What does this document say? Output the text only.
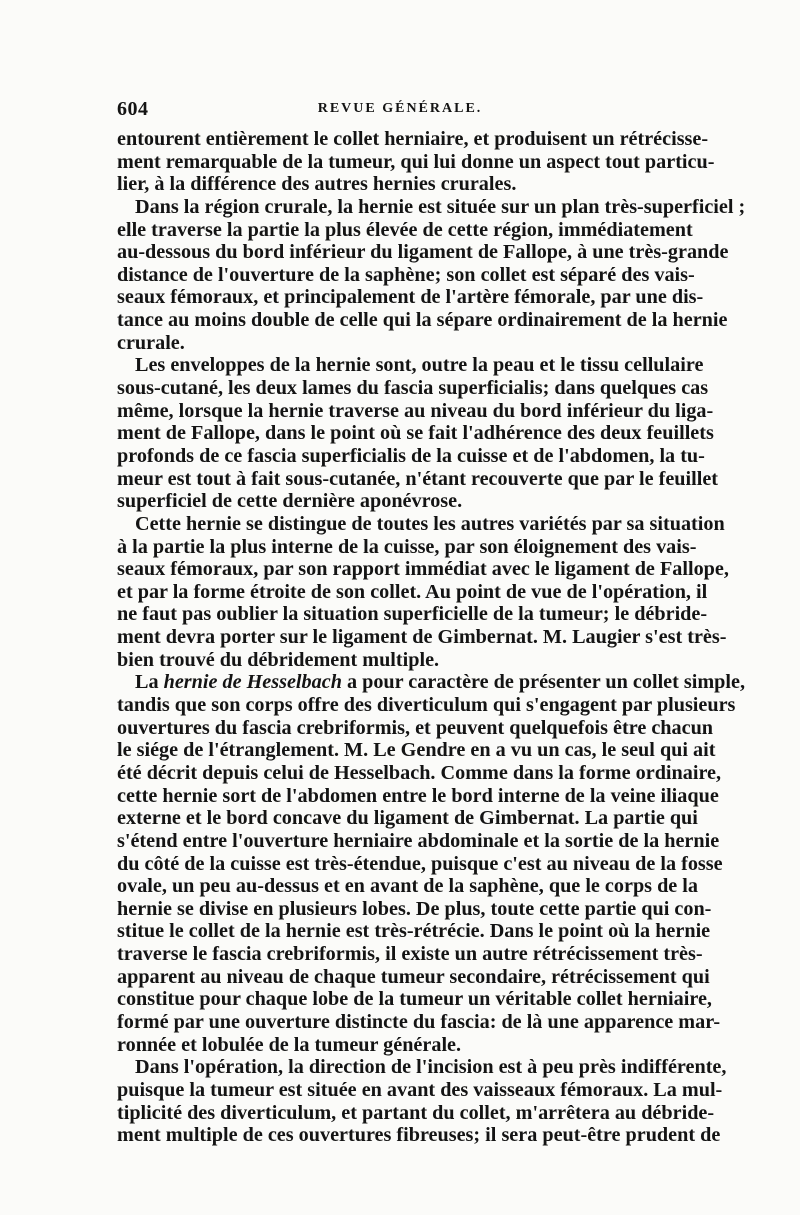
604	REVUE GÉNÉRALE.
entourent entièrement le collet herniaire, et produisent un rétrécisse-
ment remarquable de la tumeur, qui lui donne un aspect tout particu-
lier, à la différence des autres hernies crurales.
Dans la région crurale, la hernie est située sur un plan très-superficiel ;
elle traverse la partie la plus élevée de cette région, immédiatement
au-dessous du bord inférieur du ligament de Fallope, à une très-grande
distance de l'ouverture de la saphène; son collet est séparé des vais-
seaux fémoraux, et principalement de l'artère fémorale, par une dis-
tance au moins double de celle qui la sépare ordinairement de la hernie
crurale.
Les enveloppes de la hernie sont, outre la peau et le tissu cellulaire
sous-cutané, les deux lames du fascia superficialis; dans quelques cas
même, lorsque la hernie traverse au niveau du bord inférieur du liga-
ment de Fallope, dans le point où se fait l'adhérence des deux feuillets
profonds de ce fascia superficialis de la cuisse et de l'abdomen, la tu-
meur est tout à fait sous-cutanée, n'étant recouverte que par le feuillet
superficiel de cette dernière aponévrose.
Cette hernie se distingue de toutes les autres variétés par sa situation
à la partie la plus interne de la cuisse, par son éloignement des vais-
seaux fémoraux, par son rapport immédiat avec le ligament de Fallope,
et par la forme étroite de son collet. Au point de vue de l'opération, il
ne faut pas oublier la situation superficielle de la tumeur; le débride-
ment devra porter sur le ligament de Gimbernat. M. Laugier s'est très-
bien trouvé du débridement multiple.
La hernie de Hesselbach a pour caractère de présenter un collet simple,
tandis que son corps offre des diverticulum qui s'engagent par plusieurs
ouvertures du fascia crebriformis, et peuvent quelquefois être chacun
le siége de l'étranglement. M. Le Gendre en a vu un cas, le seul qui ait
été décrit depuis celui de Hesselbach. Comme dans la forme ordinaire,
cette hernie sort de l'abdomen entre le bord interne de la veine iliaque
externe et le bord concave du ligament de Gimbernat. La partie qui
s'étend entre l'ouverture herniaire abdominale et la sortie de la hernie
du côté de la cuisse est très-étendue, puisque c'est au niveau de la fosse
ovale, un peu au-dessus et en avant de la saphène, que le corps de la
hernie se divise en plusieurs lobes. De plus, toute cette partie qui con-
stitue le collet de la hernie est très-rétrécie. Dans le point où la hernie
traverse le fascia crebriformis, il existe un autre rétrécissement très-
apparent au niveau de chaque tumeur secondaire, rétrécissement qui
constitue pour chaque lobe de la tumeur un véritable collet herniaire,
formé par une ouverture distincte du fascia: de là une apparence mar-
ronnée et lobulée de la tumeur générale.
Dans l'opération, la direction de l'incision est à peu près indifférente,
puisque la tumeur est située en avant des vaisseaux fémoraux. La mul-
tiplicité des diverticulum, et partant du collet, m'arrêtera au débride-
ment multiple de ces ouvertures fibreuses; il sera peut-être prudent de
